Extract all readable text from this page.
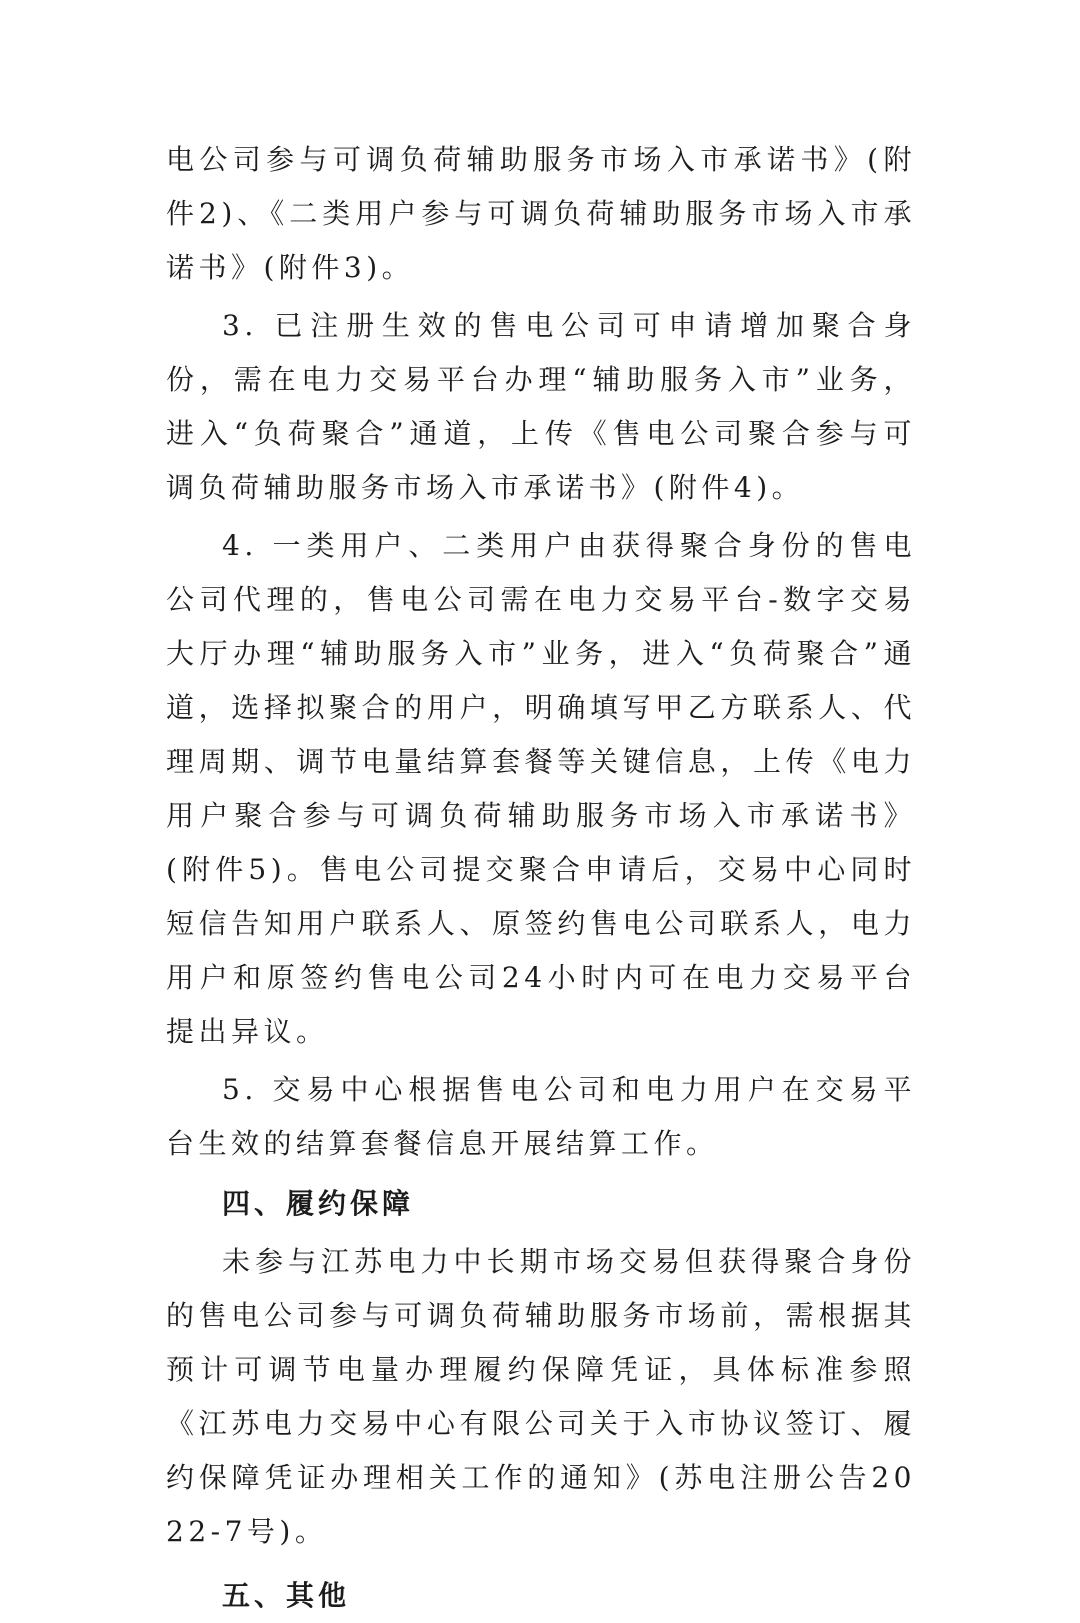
电公司参与可调负荷辅助服务市场入市承诺书》(附件2)、《二类用户参与可调负荷辅助服务市场入市承诺书》(附件3)。

3. 已注册生效的售电公司可申请增加聚合身份，需在电力交易平台办理“辅助服务入市”业务，进入“负荷聚合”通道，上传《售电公司聚合参与可调负荷辅助服务市场入市承诺书》(附件4)。

4. 一类用户、二类用户由获得聚合身份的售电公司代理的，售电公司需在电力交易平台-数字交易大厅办理“辅助服务入市”业务，进入“负荷聚合”通道，选择拟聚合的用户，明确填写甲乙方联系人、代理周期、调节电量结算套餐等关键信息，上传《电力用户聚合参与可调负荷辅助服务市场入市承诺书》(附件5)。售电公司提交聚合申请后，交易中心同时短信告知用户联系人、原签约售电公司联系人，电力用户和原签约售电公司24小时内可在电力交易平台提出异议。

5. 交易中心根据售电公司和电力用户在交易平台生效的结算套餐信息开展结算工作。

四、履约保障

未参与江苏电力中长期市场交易但获得聚合身份的售电公司参与可调负荷辅助服务市场前，需根据其预计可调节电量办理履约保障凭证，具体标准参照《江苏电力交易中心有限公司关于入市协议签订、履约保障凭证办理相关工作的通知》(苏电注册公告2022-7号)。

五、其他
